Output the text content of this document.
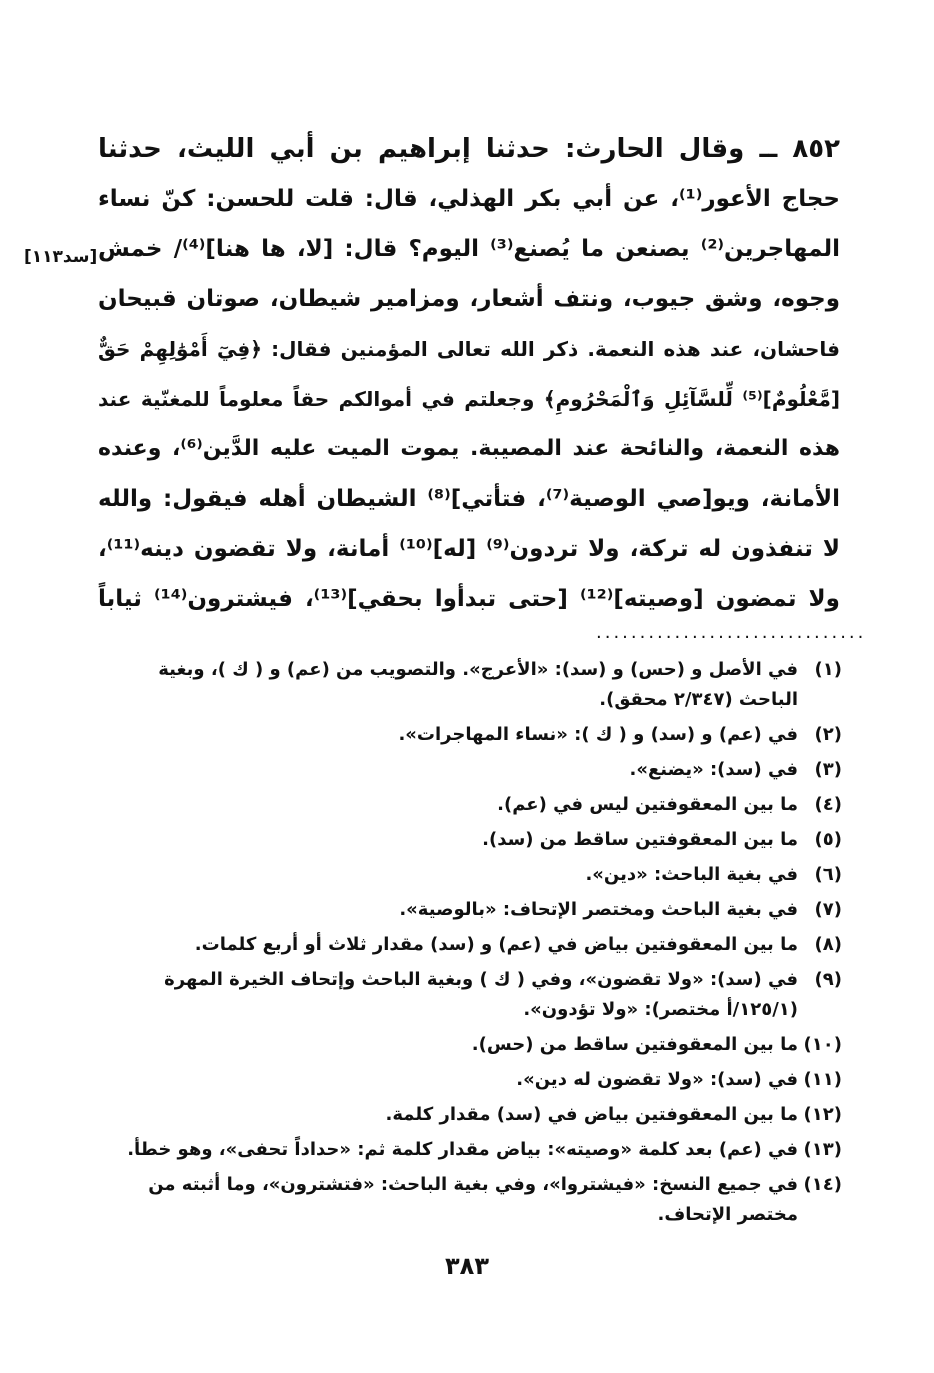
٨٥٢ ــ وقال الحارث: حدثنا إبراهيم بن أبي الليث، حدثنا
حجاج الأعور⁽¹⁾، عن أبي بكر الهذلي، قال: قلت للحسن: كنّ نساء
المهاجرين⁽²⁾ يصنعن ما يُصنع⁽³⁾ اليوم؟ قال: [لا، ها هنا]⁽⁴⁾/ خمش
وجوه، وشق جيوب، ونتف أشعار، ومزامير شيطان، صوتان قبيحان
فاحشان، عند هذه النعمة. ذكر الله تعالى المؤمنين فقال: ﴿فِيٓ أَمْوَٰلِهِمْ حَقٌّ
[مَّعْلُومٌ]⁽⁵⁾ لِّلسَّآئِلِ وَٱلْمَحْرُومِ﴾ وجعلتم في أموالكم حقاً معلوماً للمغنّية عند
هذه النعمة، والنائحة عند المصيبة. يموت الميت عليه الدَّين⁽⁶⁾، وعنده
الأمانة، ويو[صي الوصية⁽⁷⁾، فتأتي]⁽⁸⁾ الشيطان أهله فيقول: والله
لا تنفذون له تركة، ولا تردون⁽⁹⁾ [له]⁽¹⁰⁾ أمانة، ولا تقضون دينه⁽¹¹⁾،
ولا تمضون [وصيته]⁽¹²⁾ [حتى تبدأوا بحقي]⁽¹³⁾، فيشترون⁽¹⁴⁾ ثياباً
[سد١١٣]
...............................
(١)
في الأصل و (حس) و (سد): «الأعرج». والتصويب من (عم) و ( ك )، وبغية الباحث (٢/٣٤٧ محقق).
(٢)
في (عم) و (سد) و ( ك ): «نساء المهاجرات».
(٣)
في (سد): «يضنع».
(٤)
ما بين المعقوفتين ليس في (عم).
(٥)
ما بين المعقوفتين ساقط من (سد).
(٦)
في بغية الباحث: «دين».
(٧)
في بغية الباحث ومختصر الإتحاف: «بالوصية».
(٨)
ما بين المعقوفتين بياض في (عم) و (سد) مقدار ثلاث أو أربع كلمات.
(٩)
في (سد): «ولا تقضون»، وفي ( ك ) وبغية الباحث وإتحاف الخيرة المهرة (١٢٥/١/أ مختصر): «ولا تؤدون».
(١٠)
ما بين المعقوفتين ساقط من (حس).
(١١)
في (سد): «ولا تقضون له دين».
(١٢)
ما بين المعقوفتين بياض في (سد) مقدار كلمة.
(١٣)
في (عم) بعد كلمة «وصيته»: بياض مقدار كلمة ثم: «حداداً تحفى»، وهو خطأ.
(١٤)
في جميع النسخ: «فيشتروا»، وفي بغية الباحث: «فتشترون»، وما أثبته من مختصر الإتحاف.
٣٨٣
